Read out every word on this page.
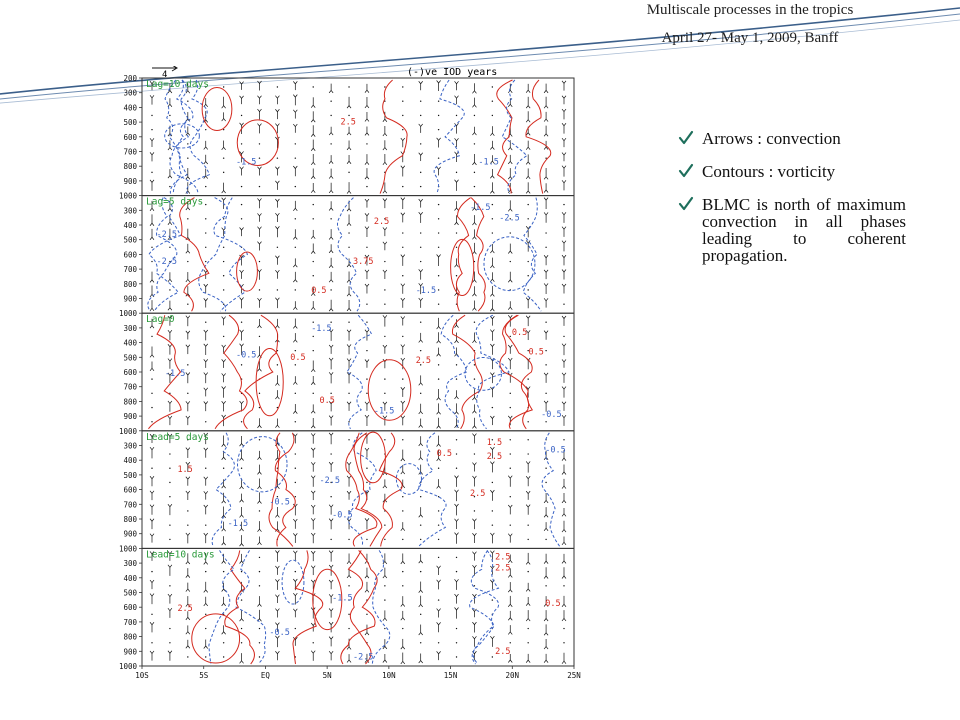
Multiscale processes in the tropics
April 27- May 1, 2009, Banff
Arrows : convection
Contours : vorticity
BLMC is north of maximum convection in all phases leading to coherent propagation.
(-)ve IOD years
4
200
300
400
500
600
700
800
900
1000
Lag=10 days
2.5
-1.5	-1.5
300
400
500
600
700
800
900
1000
Lag=5 days
-2.5
-2.5
2.5
3.75
0.5	-1.5
-2.5
-1.5
300
400
500
600
700
800
900
1000
Lag=0
-1.5
-0.5
-1.5
0.5	2.5
0.5
-1.5
0.5
0.5
-0.5
300
400
500
600
700
800
900
1000
Lead=5 days
1.5
-2.5
-0.5
-1.5
-0.5
1.5
2.5
2.5
0.5	-0.5
300
400
500
600
700
800
900
1000
Lead=10 days
2.5
-1.5
-2.5
2.5
2.5
2.5
-0.5
0.5
10S	5S	EQ	5N	10N	15N	20N	25N
